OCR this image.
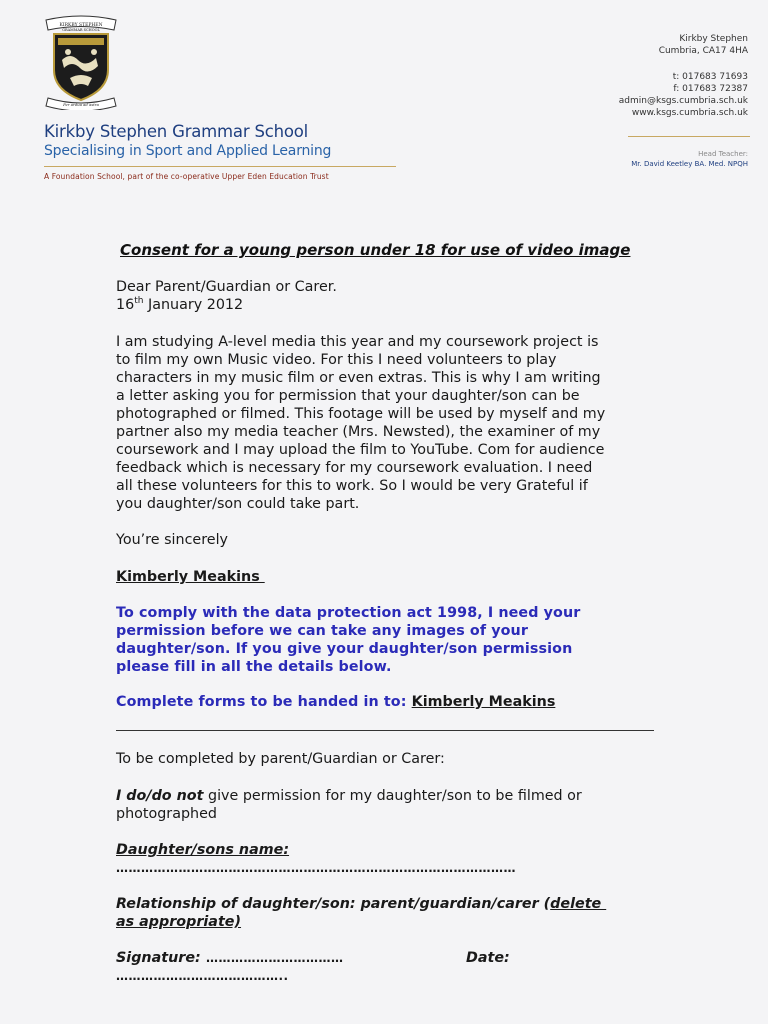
KIRKBY STEPHEN
GRAMMAR SCHOOL
Per ardua ad astra
Kirkby Stephen Grammar School
Specialising in Sport and Applied Learning
A Foundation School, part of the co-operative Upper Eden Education Trust
Kirkby Stephen
Cumbria, CA17 4HA
t: 017683 71693
f: 017683 72387
admin@ksgs.cumbria.sch.uk
www.ksgs.cumbria.sch.uk
Head Teacher:
Mr. David Keetley BA. Med. NPQH
Consent for a young person under 18 for use of video image
Dear Parent/Guardian or Carer.
16th January 2012
I am studying A-level media this year and my coursework project is
to film my own Music video. For this I need volunteers to play
characters in my music film or even extras. This is why I am writing
a letter asking you for permission that your daughter/son can be
photographed or filmed. This footage will be used by myself and my
partner also my media teacher (Mrs. Newsted), the examiner of my
coursework and I may upload the film to YouTube. Com for audience
feedback which is necessary for my coursework evaluation. I need
all these volunteers for this to work. So I would be very Grateful if
you daughter/son could take part.
You’re sincerely
Kimberly Meakins
To comply with the data protection act 1998, I need your
permission before we can take any images of your
daughter/son. If you give your daughter/son permission
please fill in all the details below.
Complete forms to be handed in to: Kimberly Meakins
To be completed by parent/Guardian or Carer:
I do/do not give permission for my daughter/son to be filmed or
photographed
Daughter/sons name:
……………………………………………………………………………………
Relationship of daughter/son: parent/guardian/carer (delete
as appropriate)
Signature: ……………………………	Date:
…………………………………..
